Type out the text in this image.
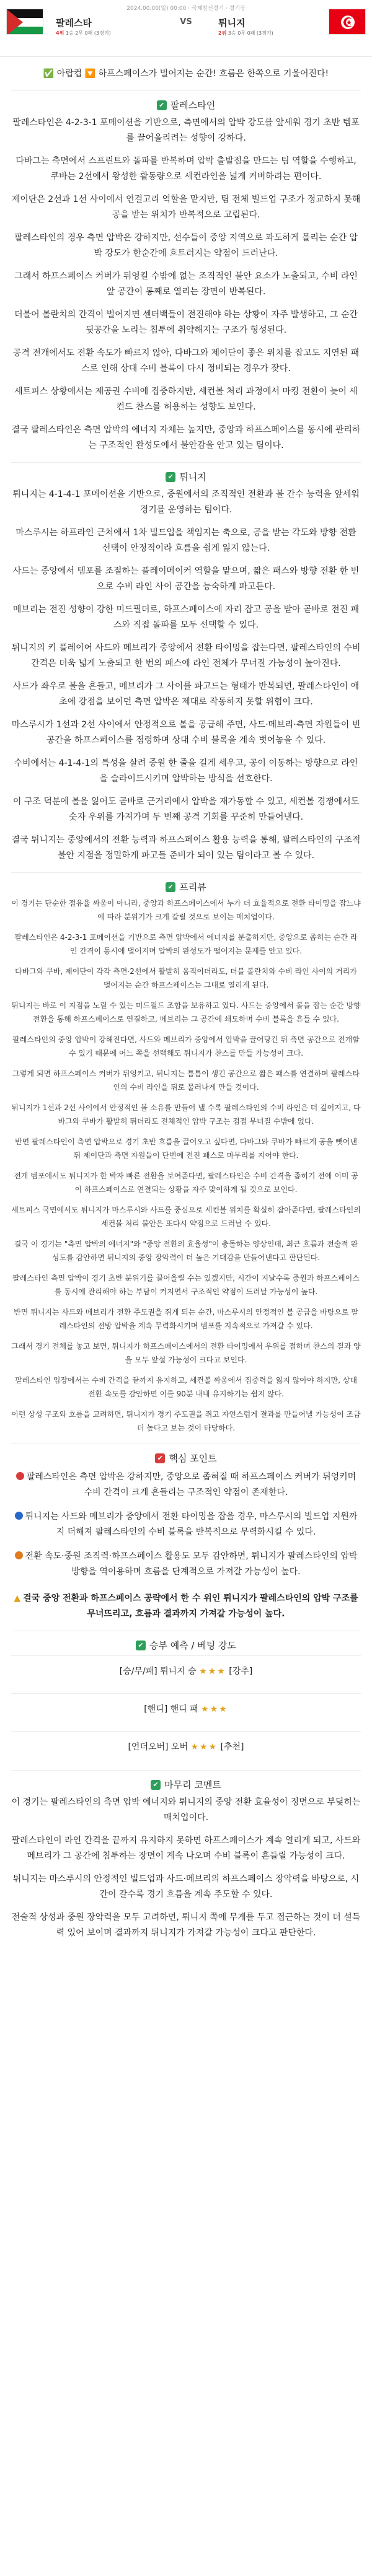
2024.00.00(일) 00:00 · 국제친선경기 · 경기장
팔레스타
4위 1승 2무 0패 (3경기)
VS	튀니지
2위 3승 0무 0패 (3경기)
✅ 아랍컵 🔽 하프스페이스가 벌어지는 순간! 흐름은 한쪽으로 기울어진다!
✔ 팔레스타인

팔레스타인은 4-2-3-1 포메이션을 기반으로, 측면에서의 압박 강도를 앞세워 경기 초반 템포를 끌어올리려는 성향이 강하다.

다바그는 측면에서 스프린트와 돌파를 반복하며 압박 출발점을 만드는 팀 역할을 수행하고, 쿠바는 2선에서 왕성한 활동량으로 세컨라인을 넓게 커버하려는 편이다.

제이단은 2선과 1선 사이에서 연결고리 역할을 맡지만, 팀 전체 빌드업 구조가 정교하지 못해 공을 받는 위치가 반복적으로 고립된다.

팔레스타인의 경우 측면 압박은 강하지만, 선수들이 중앙 지역으로 과도하게 몰리는 순간 압박 강도가 한순간에 흐트러지는 약점이 드러난다.

그래서 하프스페이스 커버가 뒤엉킬 수밖에 없는 조직적인 불안 요소가 노출되고, 수비 라인 앞 공간이 통째로 열리는 장면이 반복된다.

더불어 볼란치의 간격이 벌어지면 센터백들이 전진해야 하는 상황이 자주 발생하고, 그 순간 뒷공간을 노리는 침투에 취약해지는 구조가 형성된다.

공격 전개에서도 전환 속도가 빠르지 않아, 다바그와 제이단이 좋은 위치를 잡고도 지연된 패스로 인해 상대 수비 블록이 다시 정비되는 경우가 잦다.

세트피스 상황에서는 제공권 수비에 집중하지만, 세컨볼 처리 과정에서 마킹 전환이 늦어 세컨드 찬스를 허용하는 성향도 보인다.

결국 팔레스타인은 측면 압박의 에너지 자체는 높지만, 중앙과 하프스페이스를 동시에 관리하는 구조적인 완성도에서 불안감을 안고 있는 팀이다.

✔ 튀니지

튀니지는 4-1-4-1 포메이션을 기반으로, 중원에서의 조직적인 전환과 볼 간수 능력을 앞세워 경기를 운영하는 팀이다.

마스루시는 하프라인 근처에서 1차 빌드업을 책임지는 축으로, 공을 받는 각도와 방향 전환 선택이 안정적이라 흐름을 쉽게 잃지 않는다.

사드는 중앙에서 템포를 조절하는 플레이메이커 역할을 맡으며, 짧은 패스와 방향 전환 한 번으로 수비 라인 사이 공간을 능숙하게 파고든다.

메브리는 전진 성향이 강한 미드필더로, 하프스페이스에 자리 잡고 공을 받아 곧바로 전진 패스와 직접 돌파를 모두 선택할 수 있다.

튀니지의 키 플레이어 사드와 메브리가 중앙에서 전환 타이밍을 잡는다면, 팔레스타인의 수비 간격은 더욱 넓게 노출되고 한 번의 패스에 라인 전체가 무너질 가능성이 높아진다.

사드가 좌우로 볼을 흔들고, 메브리가 그 사이를 파고드는 형태가 반복되면, 팔레스타인이 애초에 강점을 보이던 측면 압박은 제대로 작동하지 못할 위험이 크다.

마스루시가 1선과 2선 사이에서 안정적으로 볼을 공급해 주면, 사드·메브리·측면 자원들이 빈 공간을 하프스페이스를 점령하며 상대 수비 블록을 계속 벗어놓을 수 있다.

수비에서는 4-1-4-1의 특성을 살려 중원 한 줄을 길게 세우고, 공이 이동하는 방향으로 라인을 슬라이드시키며 압박하는 방식을 선호한다.

이 구조 덕분에 볼을 잃어도 곧바로 근거리에서 압박을 재가동할 수 있고, 세컨볼 경쟁에서도 숫자 우위를 가져가며 두 번째 공격 기회를 꾸준히 만들어낸다.

결국 튀니지는 중앙에서의 전환 능력과 하프스페이스 활용 능력을 통해, 팔레스타인의 구조적 불안 지점을 정밀하게 파고들 준비가 되어 있는 팀이라고 볼 수 있다.

✔ 프리뷰

이 경기는 단순한 점유율 싸움이 아니라, 중앙과 하프스페이스에서 누가 더 효율적으로 전환 타이밍을 잡느냐에 따라 분위기가 크게 갈릴 것으로 보이는 매치업이다.

팔레스타인은 4-2-3-1 포메이션을 기반으로 측면 압박에서 에너지를 분출하지만, 중앙으로 좁히는 순간 라인 간격이 동시에 벌어지며 압박의 완성도가 떨어지는 문제를 안고 있다.

다바그와 쿠바, 제이단이 각각 측면·2선에서 활발히 움직이더라도, 더블 볼란치와 수비 라인 사이의 거리가 벌어지는 순간 하프스페이스는 그대로 열리게 된다.

튀니지는 바로 이 지점을 노릴 수 있는 미드필드 조합을 보유하고 있다. 사드는 중앙에서 볼을 잡는 순간 방향 전환을 통해 하프스페이스로 연결하고, 메브리는 그 공간에 쇄도하며 수비 블록을 흔들 수 있다.

팔레스타인의 중앙 압박이 강해진다면, 사드와 메브리가 중앙에서 압박을 끌어당긴 뒤 측면 공간으로 전개할 수 있기 때문에 어느 쪽을 선택해도 튀니지가 찬스를 만들 가능성이 크다.

그렇게 되면 하프스페이스 커버가 뒤엉키고, 튀니지는 틈틈이 생긴 공간으로 짧은 패스를 연결하며 팔레스타인의 수비 라인을 뒤로 물러나게 만들 것이다.

튀니지가 1선과 2선 사이에서 안정적인 볼 소유를 만들어 낼 수록 팔레스타인의 수비 라인은 더 깊어지고, 다바그와 쿠바가 활발히 뛰더라도 전체적인 압박 구조는 점점 무너질 수밖에 없다.

반면 팔레스타인이 측면 압박으로 경기 초반 흐름을 끌어오고 싶다면, 다바그와 쿠바가 빠르게 공을 뺏어낸 뒤 제이단과 측면 자원들이 단번에 전진 패스로 마무리를 지어야 한다.

전개 템포에서도 튀니지가 한 박자 빠른 전환을 보여준다면, 팔레스타인은 수비 간격을 좁히기 전에 이미 공이 하프스페이스로 연결되는 상황을 자주 맞이하게 될 것으로 보인다.

세트피스 국면에서도 튀니지가 마스루시와 사드를 중심으로 세컨볼 위치를 확실히 잡아준다면, 팔레스타인의 세컨볼 처리 불안은 또다시 약점으로 드러날 수 있다.

결국 이 경기는 "측면 압박의 에너지"와 "중앙 전환의 효율성"이 충돌하는 양상인데, 최근 흐름과 전술적 완성도를 감안하면 튀니지의 중앙 장악력이 더 높은 기대감을 만들어낸다고 판단된다.

팔레스타인 측면 압박이 경기 초반 분위기를 끌어올릴 수는 있겠지만, 시간이 지날수록 중원과 하프스페이스를 동시에 관리해야 하는 부담이 커지면서 구조적인 약점이 드러날 가능성이 높다.

반면 튀니지는 사드와 메브리가 전환 주도권을 쥐게 되는 순간, 마스루시의 안정적인 볼 공급을 바탕으로 팔레스타인의 전방 압박을 계속 무력화시키며 템포를 지속적으로 가져갈 수 있다.

그래서 경기 전체를 놓고 보면, 튀니지가 하프스페이스에서의 전환 타이밍에서 우위를 점하며 찬스의 질과 양을 모두 앞설 가능성이 크다고 보인다.

팔레스타인 입장에서는 수비 간격을 끝까지 유지하고, 세컨볼 싸움에서 집중력을 잃지 않아야 하지만, 상대 전환 속도를 감안하면 이를 90분 내내 유지하기는 쉽지 않다.

이런 상성 구조와 흐름을 고려하면, 튀니지가 경기 주도권을 쥐고 자연스럽게 결과를 만들어낼 가능성이 조금 더 높다고 보는 것이 타당하다.

✔ 핵심 포인트
팔레스타인은 측면 압박은 강하지만, 중앙으로 좁혀질 때 하프스페이스 커버가 뒤엉키며 수비 간격이 크게 흔들리는 구조적인 약점이 존재한다.
튀니지는 사드와 메브리가 중앙에서 전환 타이밍을 잡을 경우, 마스루시의 빌드업 지원까지 더해져 팔레스타인의 수비 블록을 반복적으로 무력화시킬 수 있다.
전환 속도·중원 조직력·하프스페이스 활용도 모두 감안하면, 튀니지가 팔레스타인의 압박 방향을 역이용하며 흐름을 단계적으로 가져갈 가능성이 높다.
▲ 결국 중앙 전환과 하프스페이스 공략에서 한 수 위인 튀니지가 팔레스타인의 압박 구조를 무너뜨리고, 흐름과 결과까지 가져갈 가능성이 높다.
✔ 승부 예측 / 베팅 강도
[승/무/패] 튀니지 승 ★★★ [강추]
[핸디] 핸디 패 ★★★
[언더오버] 오버 ★★★ [추천]
✔ 마무리 코멘트

이 경기는 팔레스타인의 측면 압박 에너지와 튀니지의 중앙 전환 효율성이 정면으로 부딪히는 매치업이다.

팔레스타인이 라인 간격을 끝까지 유지하지 못하면 하프스페이스가 계속 열리게 되고, 사드와 메브리가 그 공간에 침투하는 장면이 계속 나오며 수비 블록이 흔들릴 가능성이 크다.

튀니지는 마스루시의 안정적인 빌드업과 사드·메브리의 하프스페이스 장악력을 바탕으로, 시간이 갈수록 경기 흐름을 계속 주도할 수 있다.

전술적 상성과 중원 장악력을 모두 고려하면, 튀니지 쪽에 무게를 두고 접근하는 것이 더 설득력 있어 보이며 결과까지 튀니지가 가져갈 가능성이 크다고 판단한다.
